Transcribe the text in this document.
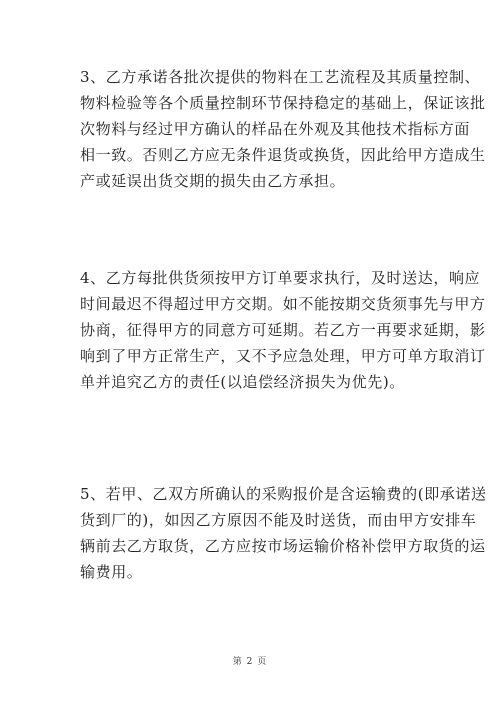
3、乙方承诺各批次提供的物料在工艺流程及其质量控制、
物料检验等各个质量控制环节保持稳定的基础上，保证该批
次物料与经过甲方确认的样品在外观及其他技术指标方面
相一致。否则乙方应无条件退货或换货，因此给甲方造成生
产或延误出货交期的损失由乙方承担。
4、乙方每批供货须按甲方订单要求执行，及时送达，响应
时间最迟不得超过甲方交期。如不能按期交货须事先与甲方
协商，征得甲方的同意方可延期。若乙方一再要求延期，影
响到了甲方正常生产，又不予应急处理，甲方可单方取消订
单并追究乙方的责任(以追偿经济损失为优先)。
5、若甲、乙双方所确认的采购报价是含运输费的(即承诺送
货到厂的)，如因乙方原因不能及时送货，而由甲方安排车
辆前去乙方取货，乙方应按市场运输价格补偿甲方取货的运
输费用。
第 2 页
